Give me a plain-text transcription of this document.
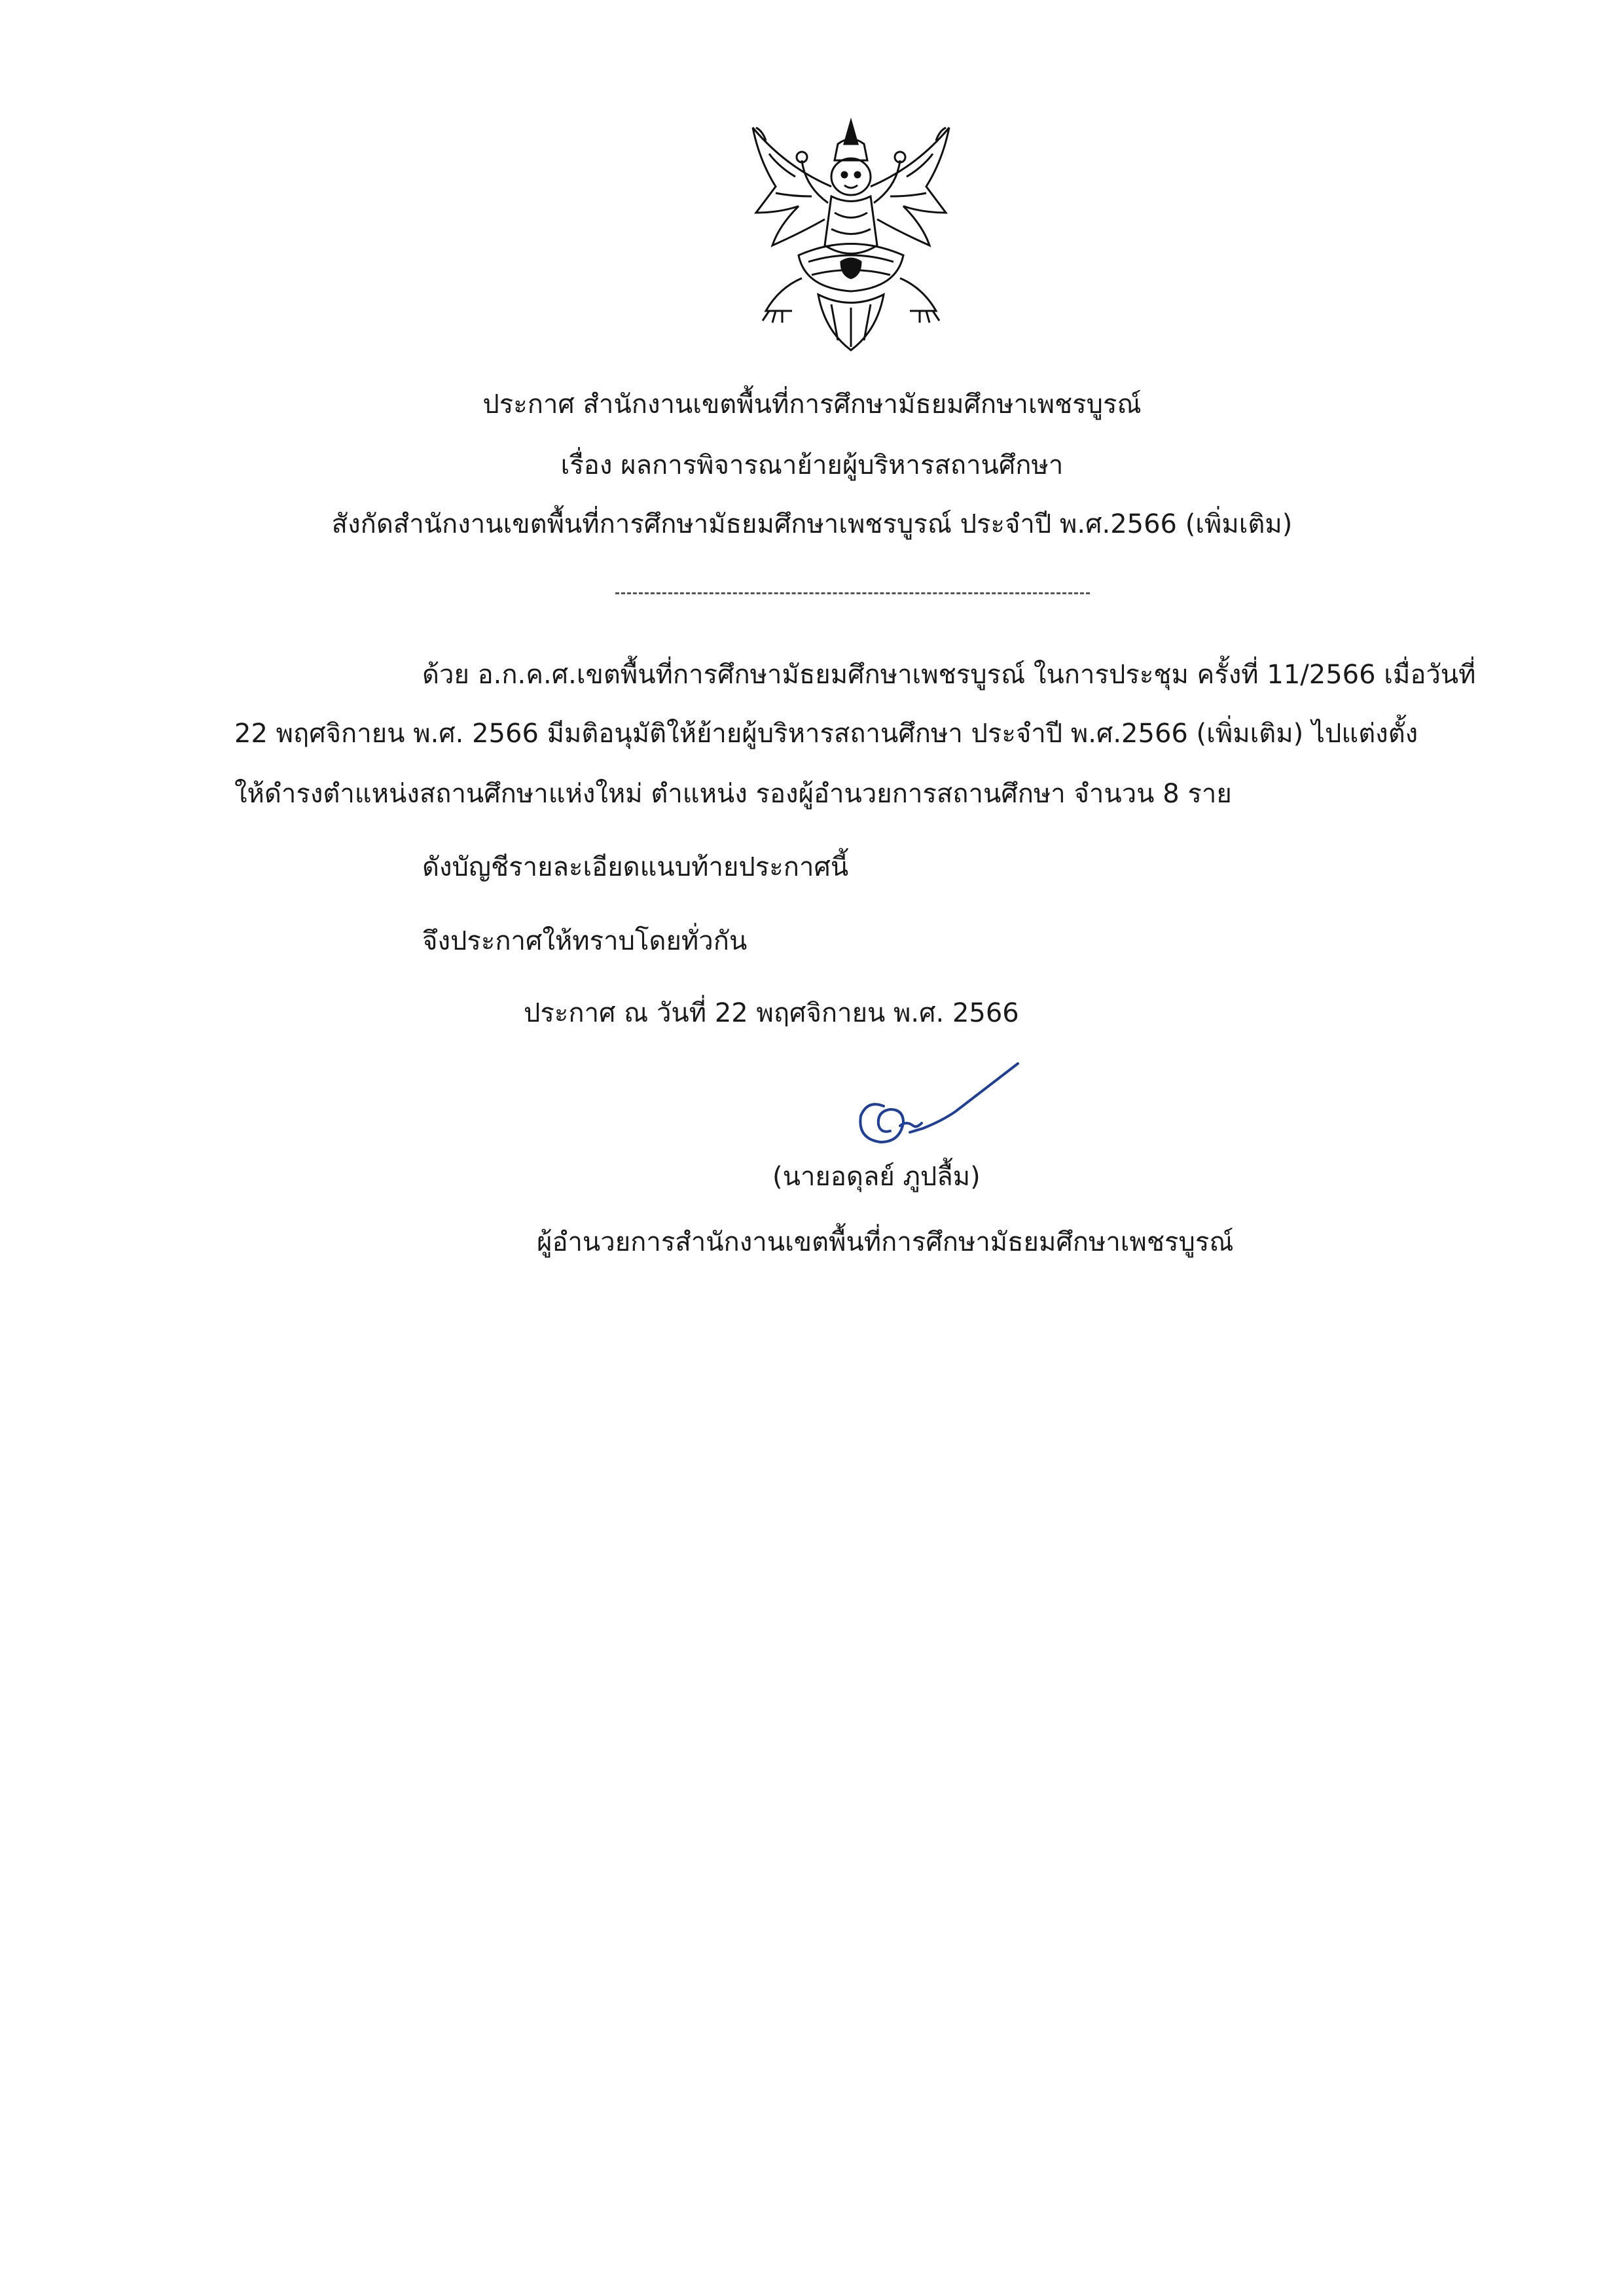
ประกาศ สำนักงานเขตพื้นที่การศึกษามัธยมศึกษาเพชรบูรณ์
เรื่อง ผลการพิจารณาย้ายผู้บริหารสถานศึกษา
สังกัดสำนักงานเขตพื้นที่การศึกษามัธยมศึกษาเพชรบูรณ์ ประจำปี พ.ศ.2566 (เพิ่มเติม)
ด้วย อ.ก.ค.ศ.เขตพื้นที่การศึกษามัธยมศึกษาเพชรบูรณ์ ในการประชุม ครั้งที่ 11/2566 เมื่อวันที่
22 พฤศจิกายน พ.ศ. 2566 มีมติอนุมัติให้ย้ายผู้บริหารสถานศึกษา ประจำปี พ.ศ.2566 (เพิ่มเติม) ไปแต่งตั้ง
ให้ดำรงตำแหน่งสถานศึกษาแห่งใหม่ ตำแหน่ง รองผู้อำนวยการสถานศึกษา จำนวน 8 ราย
ดังบัญชีรายละเอียดแนบท้ายประกาศนี้
จึงประกาศให้ทราบโดยทั่วกัน
ประกาศ ณ วันที่ 22 พฤศจิกายน พ.ศ. 2566
(นายอดุลย์ ภูปลื้ม)
ผู้อำนวยการสำนักงานเขตพื้นที่การศึกษามัธยมศึกษาเพชรบูรณ์
